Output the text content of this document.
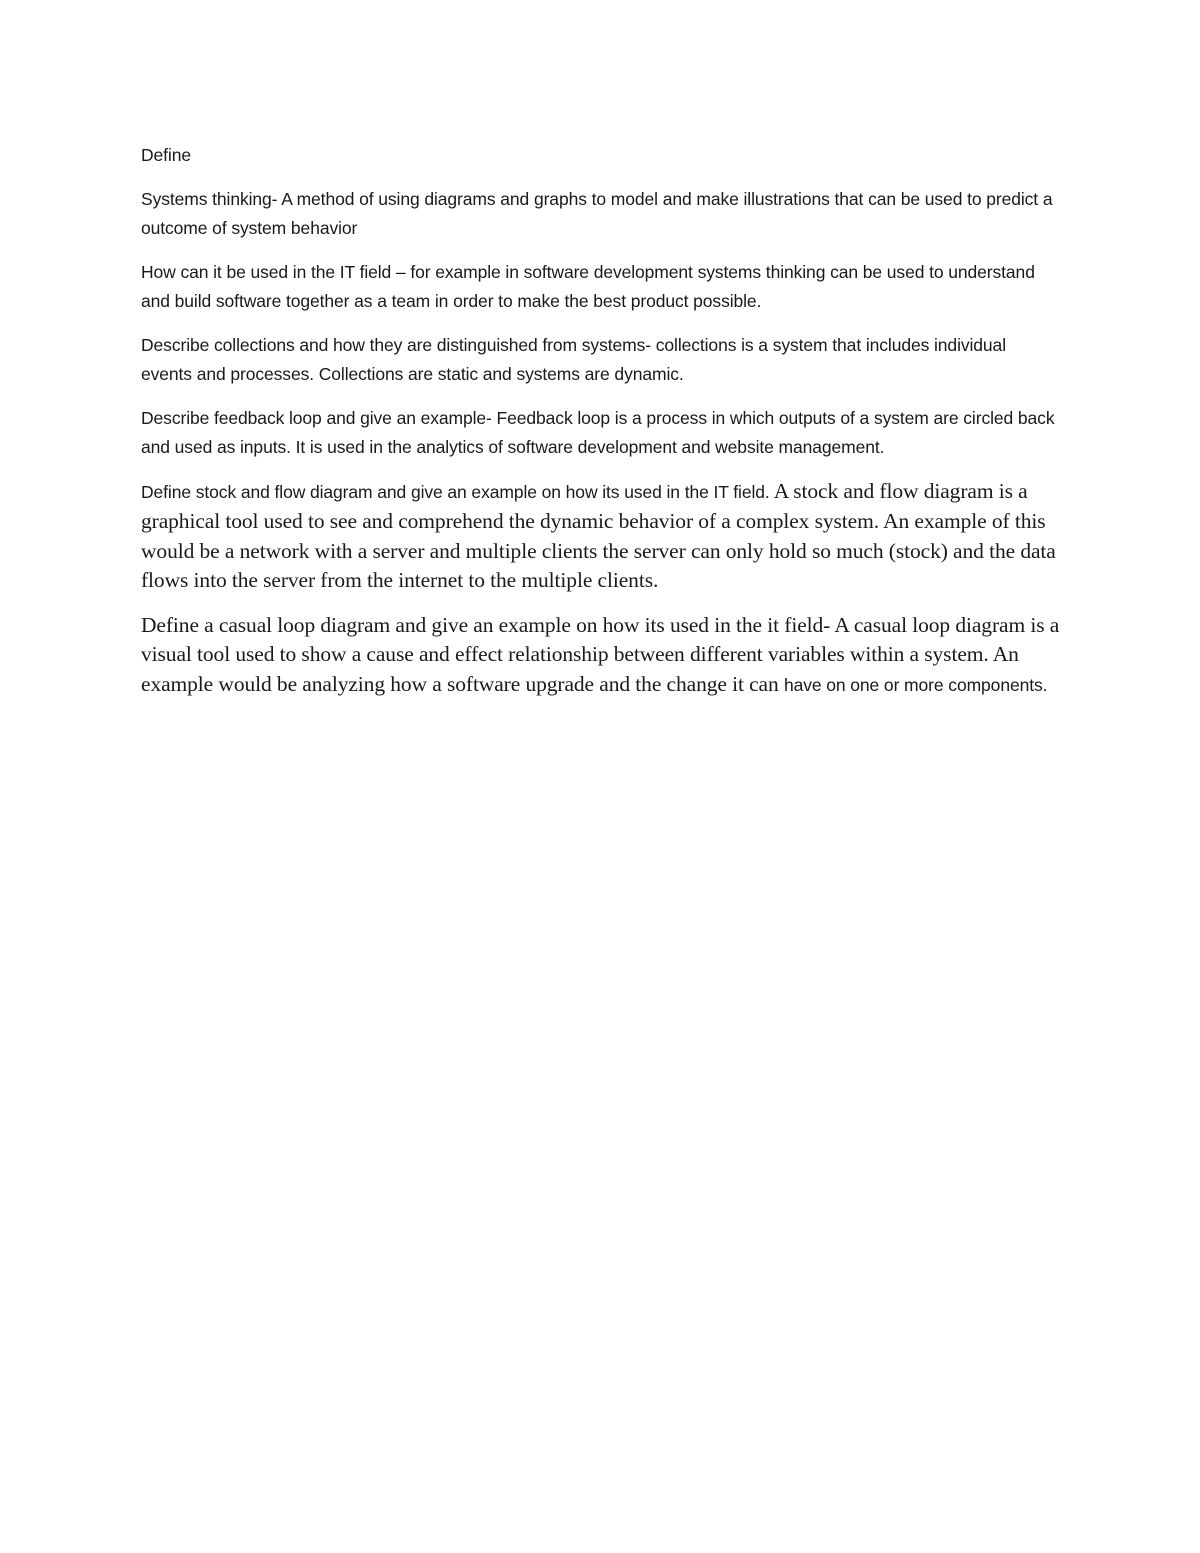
Define

Systems thinking- A method of using diagrams and graphs to model and make illustrations that can be used to predict a outcome of system behavior

How can it be used in the IT field – for example in software development systems thinking can be used to understand and build software together as a team in order to make the best product possible.

Describe collections and how they are distinguished from systems- collections is a system that includes individual events and processes. Collections are static and systems are dynamic.

Describe feedback loop and give an example- Feedback loop is a process in which outputs of a system are circled back and used as inputs. It is used in the analytics of software development and website management.

Define stock and flow diagram and give an example on how its used in the IT field. A stock and flow diagram is a graphical tool used to see and comprehend the dynamic behavior of a complex system. An example of this would be a network with a server and multiple clients the server can only hold so much (stock) and the data flows into the server from the internet to the multiple clients.

Define a casual loop diagram and give an example on how its used in the it field- A casual loop diagram is a visual tool used to show a cause and effect relationship between different variables within a system. An example would be analyzing how a software upgrade and the change it can have on one or more components.
